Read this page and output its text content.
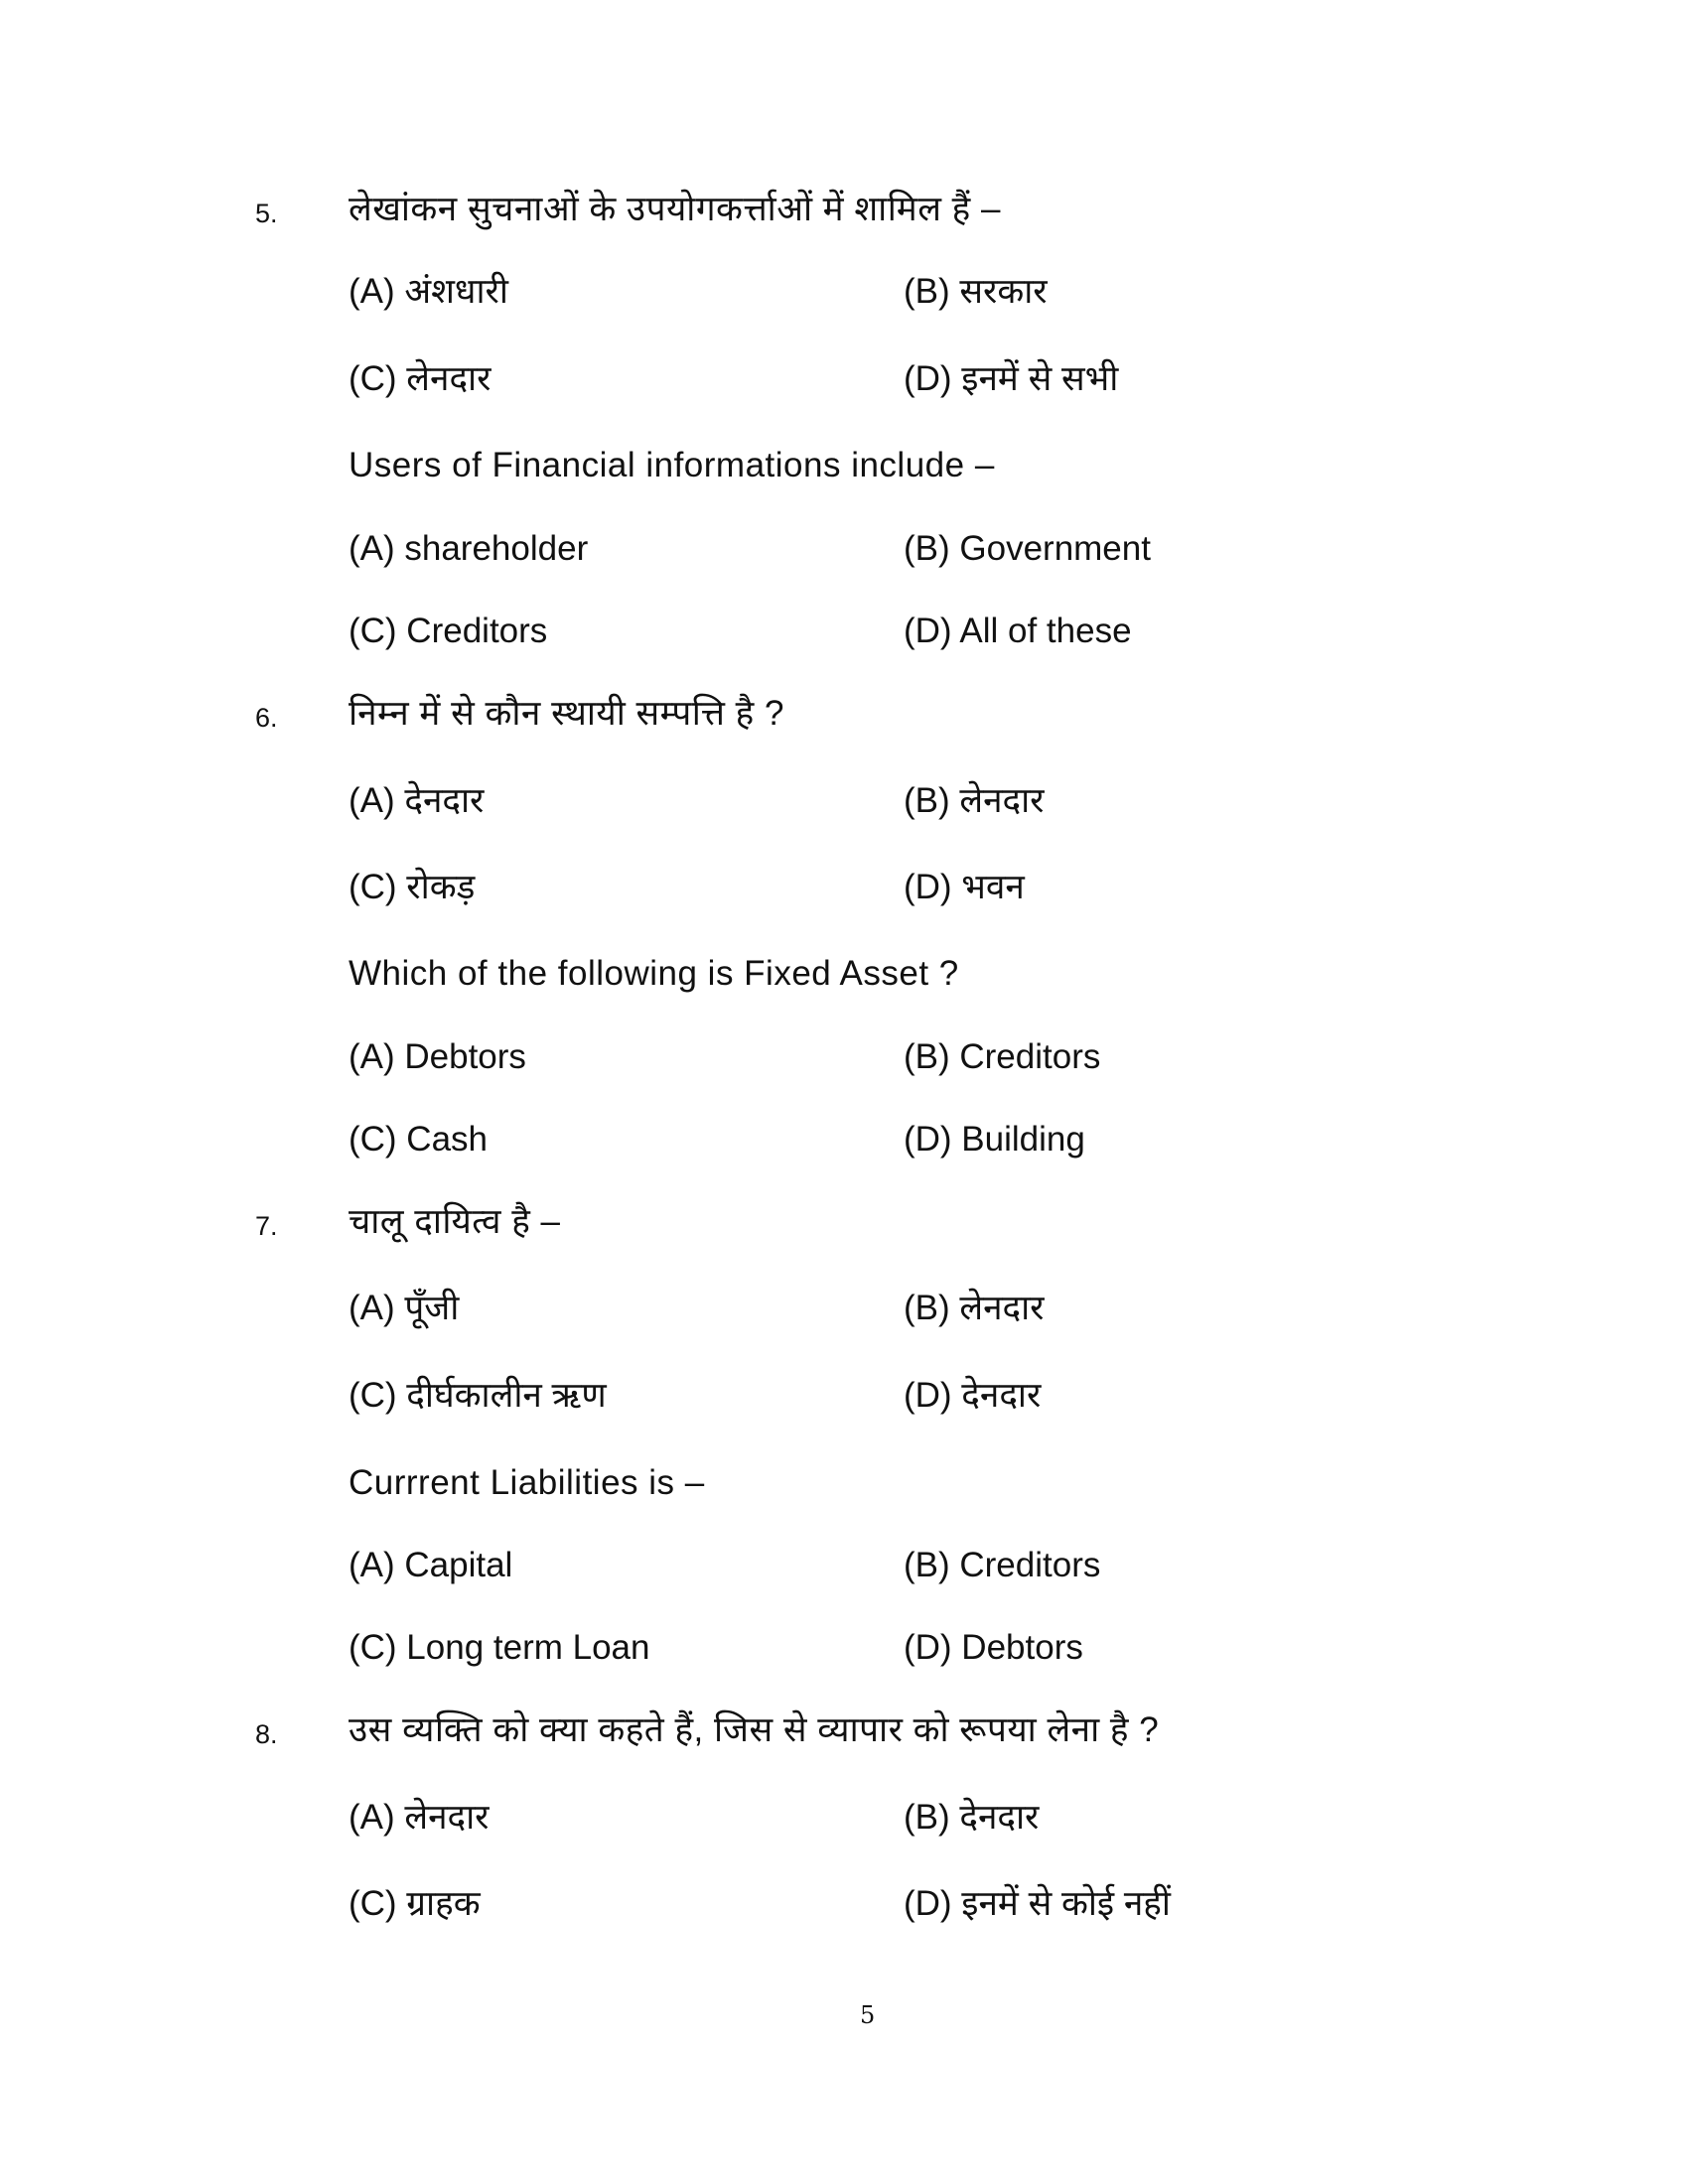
5. लेखांकन सुचनाओं के उपयोगकर्त्ताओं में शामिल हैं –
(A) अंशधारी	(B) सरकार
(C) लेनदार	(D) इनमें से सभी
Users of Financial informations include –
(A) shareholder	(B) Government
(C) Creditors	(D) All of these
6. निम्न में से कौन स्थायी सम्पत्ति है ?
(A) देनदार	(B) लेनदार
(C) रोकड़	(D) भवन
Which of the following is Fixed Asset ?
(A) Debtors	(B) Creditors
(C) Cash	(D) Building
7. चालू दायित्व है –
(A) पूँजी	(B) लेनदार
(C) दीर्घकालीन ऋण	(D) देनदार
Currrent Liabilities is –
(A) Capital	(B) Creditors
(C) Long term Loan	(D) Debtors
8. उस व्यक्ति को क्या कहते हैं, जिस से व्यापार को रूपया लेना है ?
(A) लेनदार	(B) देनदार
(C) ग्राहक	(D) इनमें से कोई नहीं
5
